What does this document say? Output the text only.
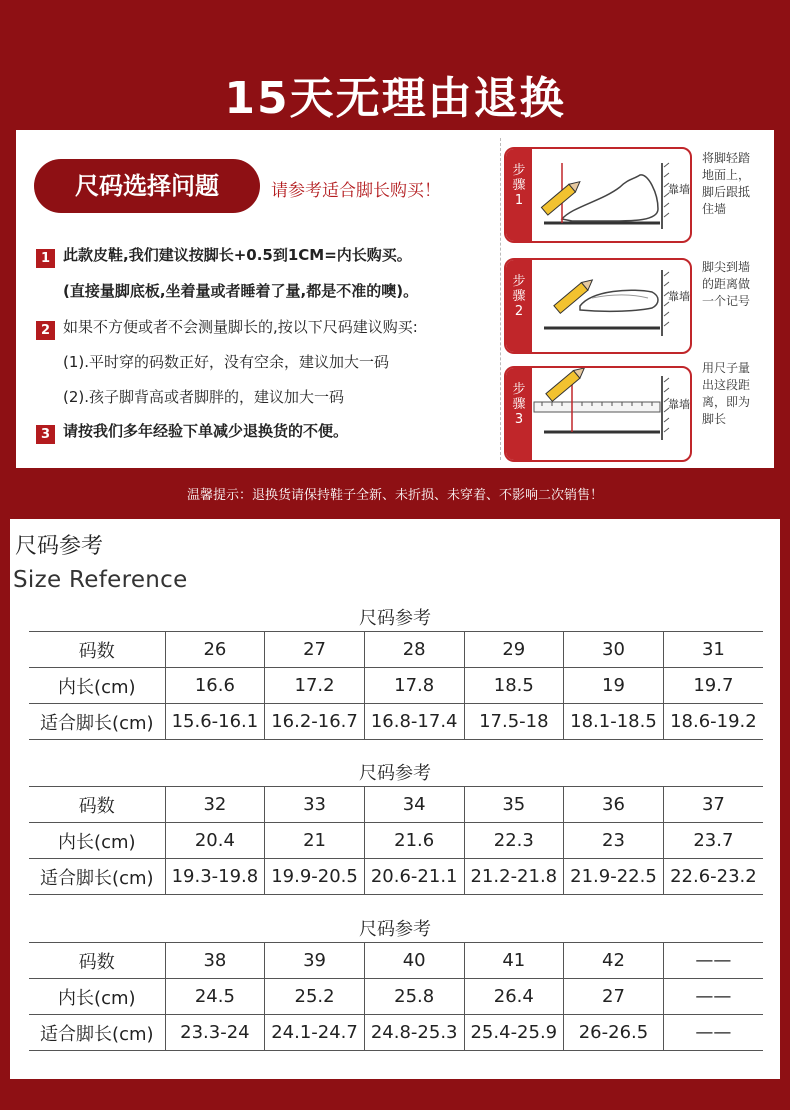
15天无理由退换
尺码选择问题	请参考适合脚长购买！
1 此款皮鞋,我们建议按脚长+0.5到1CM=内长购买。
(直接量脚底板,坐着量或者睡着了量,都是不准的噢)。
2 如果不方便或者不会测量脚长的,按以下尺码建议购买:
(1).平时穿的码数正好，没有空余，建议加大一码
(2).孩子脚背高或者脚胖的，建议加大一码
3 请按我们多年经验下单减少退换货的不便。
步
骤
1
靠墙
将脚轻踏地面上，脚后跟抵住墙
步
骤
2
靠墙
脚尖到墙的距离做一个记号
步
骤
3
靠墙
用尺子量出这段距离，即为脚长
温馨提示：退换货请保持鞋子全新、未折损、未穿着、不影响二次销售！
尺码参考
Size Reference
尺码参考
码数	26	27	28	29	30	31
内长(cm)	16.6	17.2	17.8	18.5	19	19.7
适合脚长(cm)	15.6-16.1	16.2-16.7	16.8-17.4	17.5-18	18.1-18.5	18.6-19.2
尺码参考
码数	32	33	34	35	36	37
内长(cm)	20.4	21	21.6	22.3	23	23.7
适合脚长(cm)	19.3-19.8	19.9-20.5	20.6-21.1	21.2-21.8	21.9-22.5	22.6-23.2
尺码参考
码数	38	39	40	41	42	——
内长(cm)	24.5	25.2	25.8	26.4	27	——
适合脚长(cm)	23.3-24	24.1-24.7	24.8-25.3	25.4-25.9	26-26.5	——
